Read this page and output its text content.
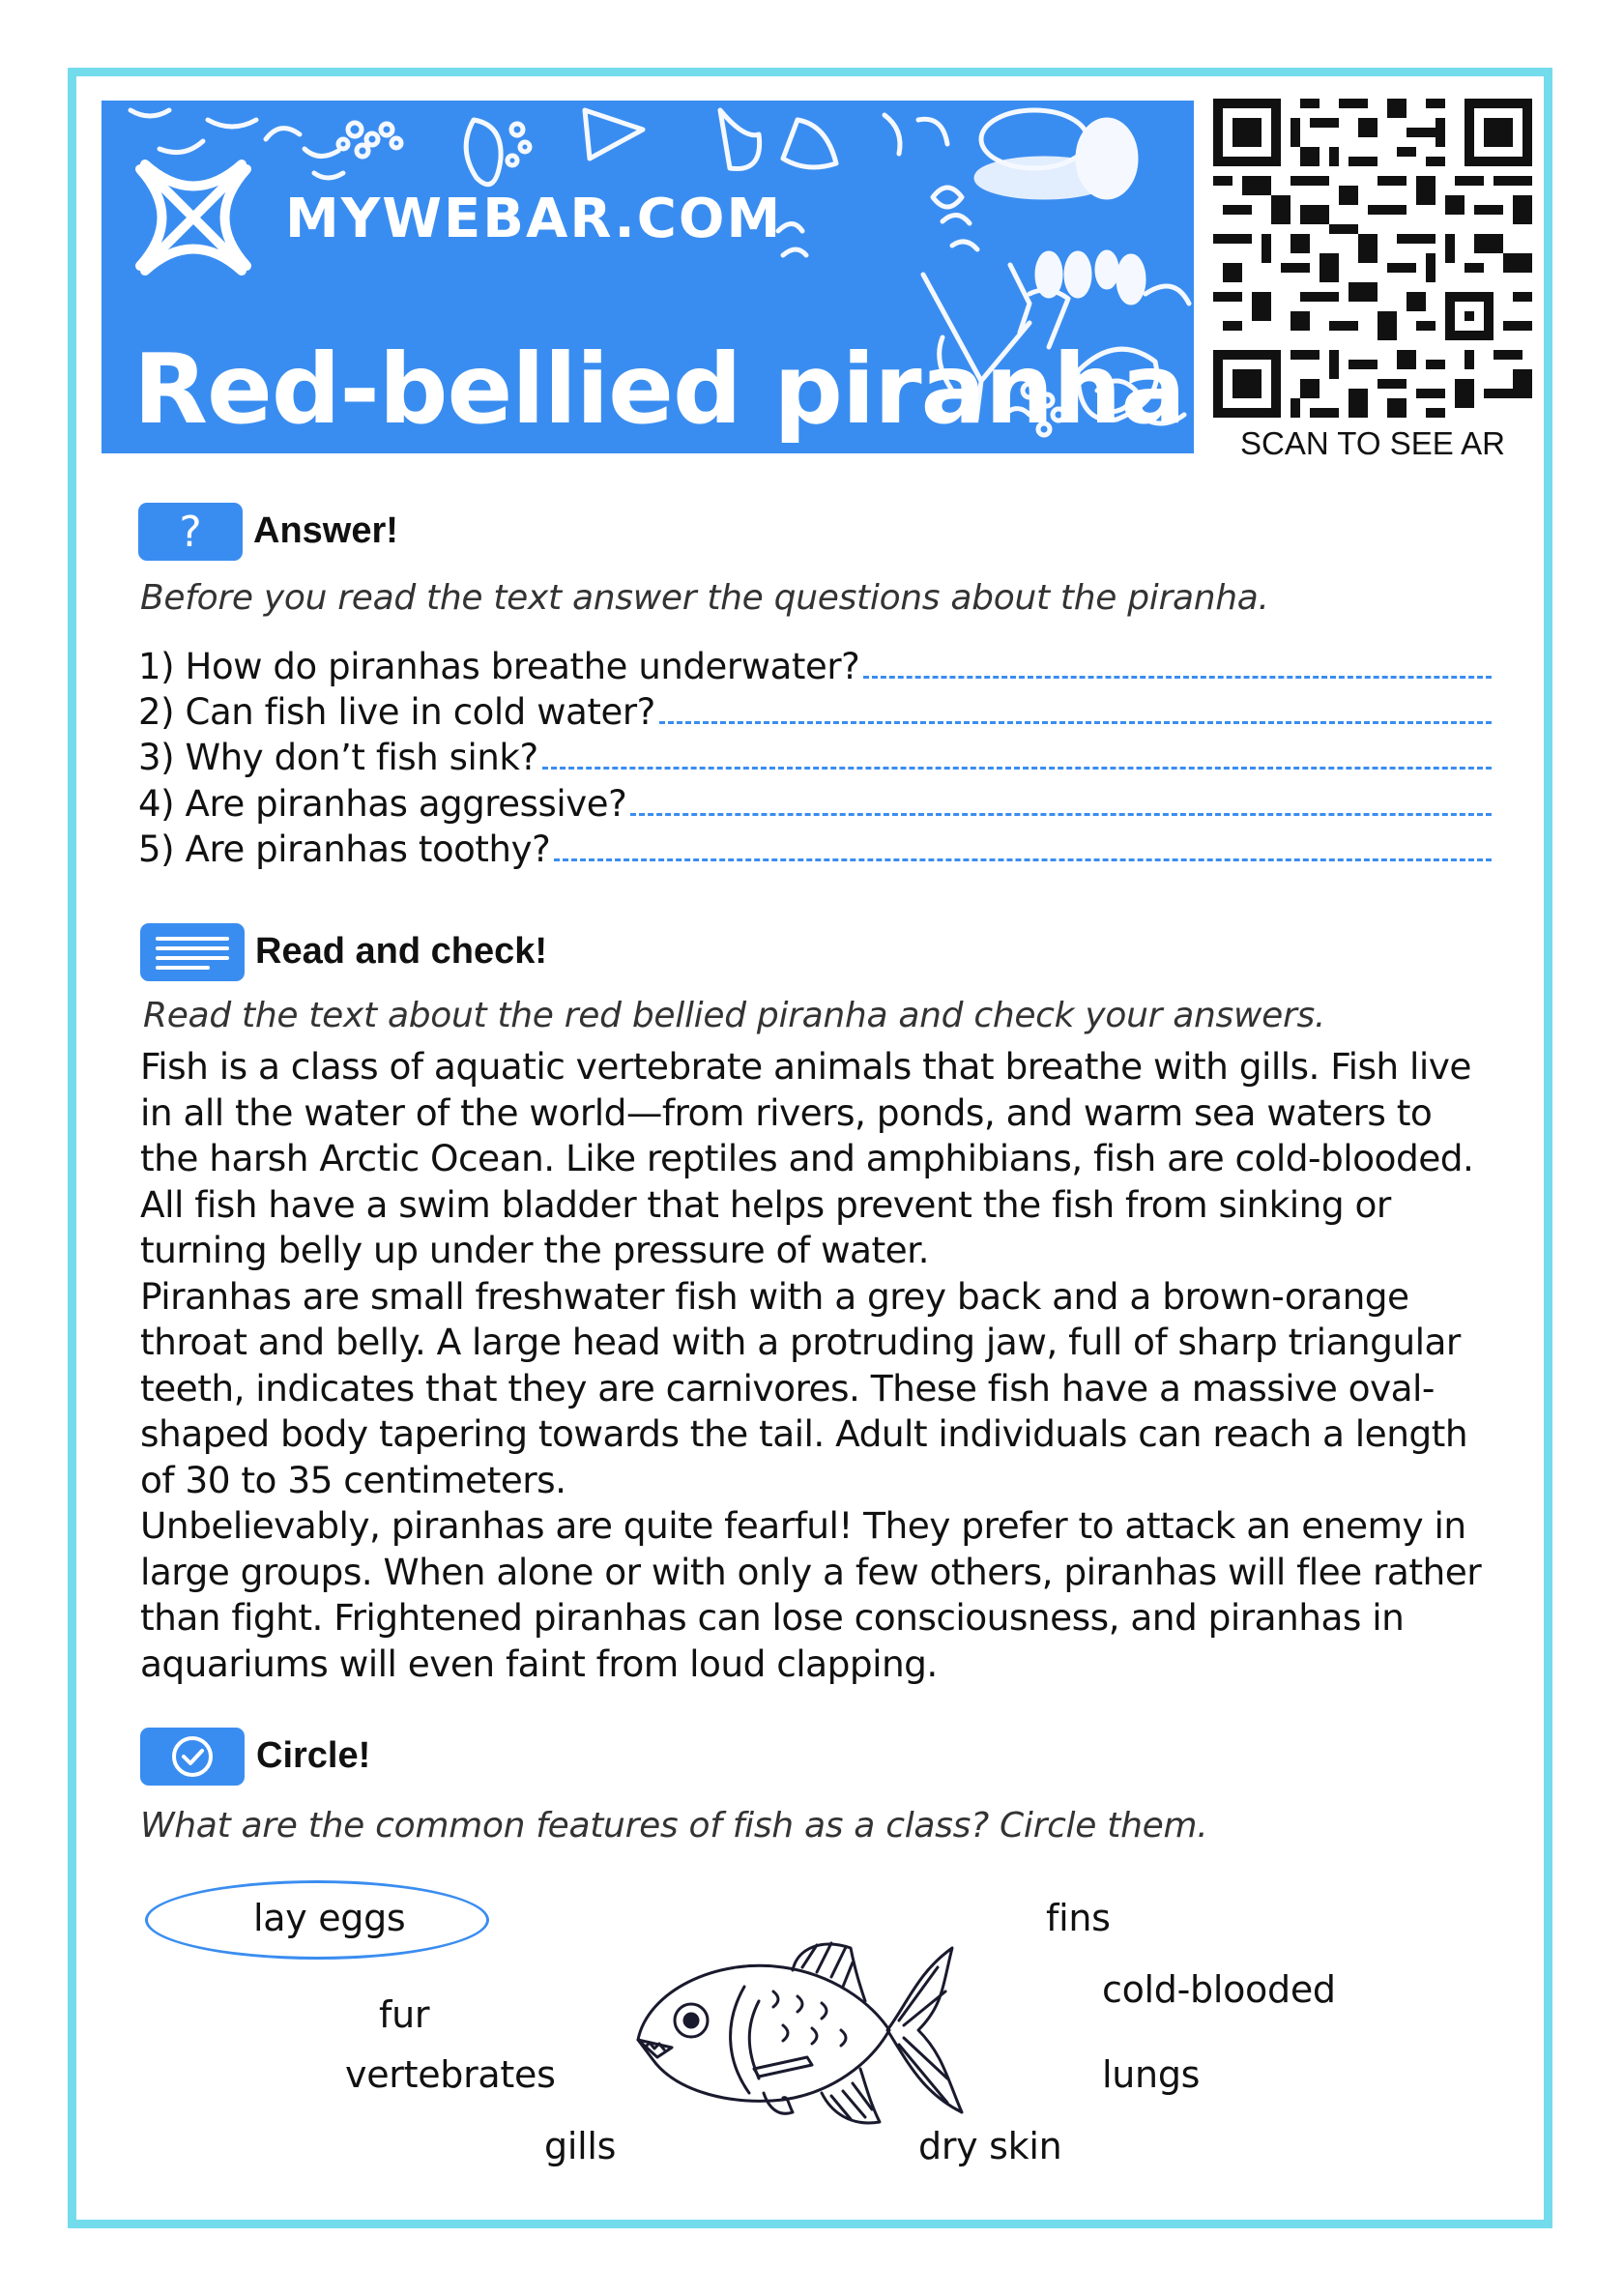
MYWEBAR.COM
Red-bellied piranha	SCAN TO SEE AR
? Answer!
Before you read the text answer the questions about the piranha.
1) How do piranhas breathe underwater?
2) Can fish live in cold water?
3) Why don’t fish sink?
4) Are piranhas aggressive?
5) Are piranhas toothy?
Read and check!
Read the text about the red bellied piranha and check your answers.

Fish is a class of aquatic vertebrate animals that breathe with gills. Fish live in all the water of the world—from rivers, ponds, and warm sea waters to the harsh Arctic Ocean. Like reptiles and amphibians, fish are cold-blooded. All fish have a swim bladder that helps prevent the fish from sinking or turning belly up under the pressure of water.

Piranhas are small freshwater fish with a grey back and a brown-orange throat and belly. A large head with a protruding jaw, full of sharp triangular teeth, indicates that they are carnivores. These fish have a massive oval-shaped body tapering towards the tail. Adult individuals can reach a length of 30 to 35 centimeters.

Unbelievably, piranhas are quite fearful! They prefer to attack an enemy in large groups. When alone or with only a few others, piranhas will flee rather than fight. Frightened piranhas can lose consciousness, and piranhas in aquariums will even faint from loud clapping.

Circle!
What are the common features of fish as a class? Circle them.
lay eggs	fins
cold-blooded
fur
vertebrates	lungs
gills	dry skin
